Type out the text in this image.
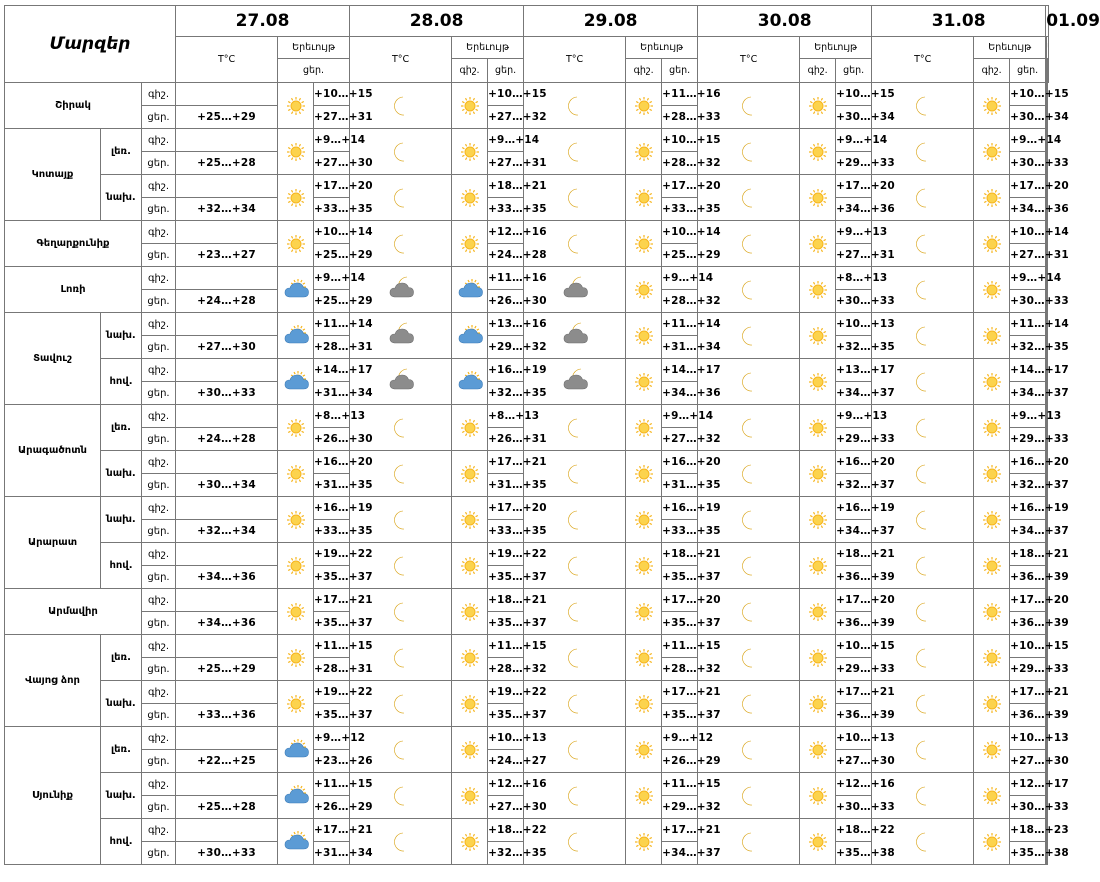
Մարզեր			27.08			28.08			29.08			30.08			31.08			01.09	
			T°C	Երեւույթ		T°C	Երեւույթ		T°C	Երեւույթ		T°C	Երեւույթ		T°C	Երեւույթ		
				ցեր.			գիշ.	ցեր.		գիշ.	ցեր.		գիշ.	ցեր.		գիշ.	ցեր.		
Շիրակ		գիշ.			+10…+15			+10…+15			+11…+16			+10…+15			+10…+15	

		ցեր.	+25…+29		+27…+31			+27…+32			+28…+33			+30…+34			+30…+34		
Կոտայք	լեռ.	գիշ.			+9…+14			+9…+14			+10…+15			+9…+14			+9…+14	

		ցեր.	+25…+28		+27…+30			+27…+31			+28…+32			+29…+33			+30…+33		
	նախ.	գիշ.			+17…+20			+18…+21			+17…+20			+17…+20			+17…+20	

		ցեր.	+32…+34		+33…+35			+33…+35			+33…+35			+34…+36			+34…+36		
Գեղարքունիք		գիշ.			+10…+14			+12…+16			+10…+14			+9…+13			+10…+14	

		ցեր.	+23…+27		+25…+29			+24…+28			+25…+29			+27…+31			+27…+31		
Լոռի		գիշ.			+9…+14			+11…+16			+9…+14			+8…+13			+9…+14	

		ցեր.	+24…+28		+25…+29			+26…+30			+28…+32			+30…+33			+30…+33		
Տավուշ	նախ.	գիշ.			+11…+14			+13…+16			+11…+14			+10…+13			+11…+14	

		ցեր.	+27…+30		+28…+31			+29…+32			+31…+34			+32…+35			+32…+35		
	հով.	գիշ.			+14…+17			+16…+19			+14…+17			+13…+17			+14…+17	

		ցեր.	+30…+33		+31…+34			+32…+35			+34…+36			+34…+37			+34…+37		
Արագածոտն	լեռ.	գիշ.			+8…+13			+8…+13			+9…+14			+9…+13			+9…+13	

		ցեր.	+24…+28		+26…+30			+26…+31			+27…+32			+29…+33			+29…+33		
	նախ.	գիշ.			+16…+20			+17…+21			+16…+20			+16…+20			+16…+20	

		ցեր.	+30…+34		+31…+35			+31…+35			+31…+35			+32…+37			+32…+37		
Արարատ	նախ.	գիշ.			+16…+19			+17…+20			+16…+19			+16…+19			+16…+19	

		ցեր.	+32…+34		+33…+35			+33…+35			+33…+35			+34…+37			+34…+37		
	հով.	գիշ.			+19…+22			+19…+22			+18…+21			+18…+21			+18…+21	

		ցեր.	+34…+36		+35…+37			+35…+37			+35…+37			+36…+39			+36…+39		
Արմավիր		գիշ.			+17…+21			+18…+21			+17…+20			+17…+20			+17…+20	

		ցեր.	+34…+36		+35…+37			+35…+37			+35…+37			+36…+39			+36…+39		
Վայոց ձոր	լեռ.	գիշ.			+11…+15			+11…+15			+11…+15			+10…+15			+10…+15	

		ցեր.	+25…+29		+28…+31			+28…+32			+28…+32			+29…+33			+29…+33		
	նախ.	գիշ.			+19…+22			+19…+22			+17…+21			+17…+21			+17…+21	

		ցեր.	+33…+36		+35…+37			+35…+37			+35…+37			+36…+39			+36…+39		
Սյունիք	լեռ.	գիշ.			+9…+12			+10…+13			+9…+12			+10…+13			+10…+13	

		ցեր.	+22…+25		+23…+26			+24…+27			+26…+29			+27…+30			+27…+30		
	նախ.	գիշ.			+11…+15			+12…+16			+11…+15			+12…+16			+12…+17	

		ցեր.	+25…+28		+26…+29			+27…+30			+29…+32			+30…+33			+30…+33		
	հով.	գիշ.			+17…+21			+18…+22			+17…+21			+18…+22			+18…+23	

		ցեր.	+30…+33		+31…+34			+32…+35			+34…+37			+35…+38			+35…+38		
